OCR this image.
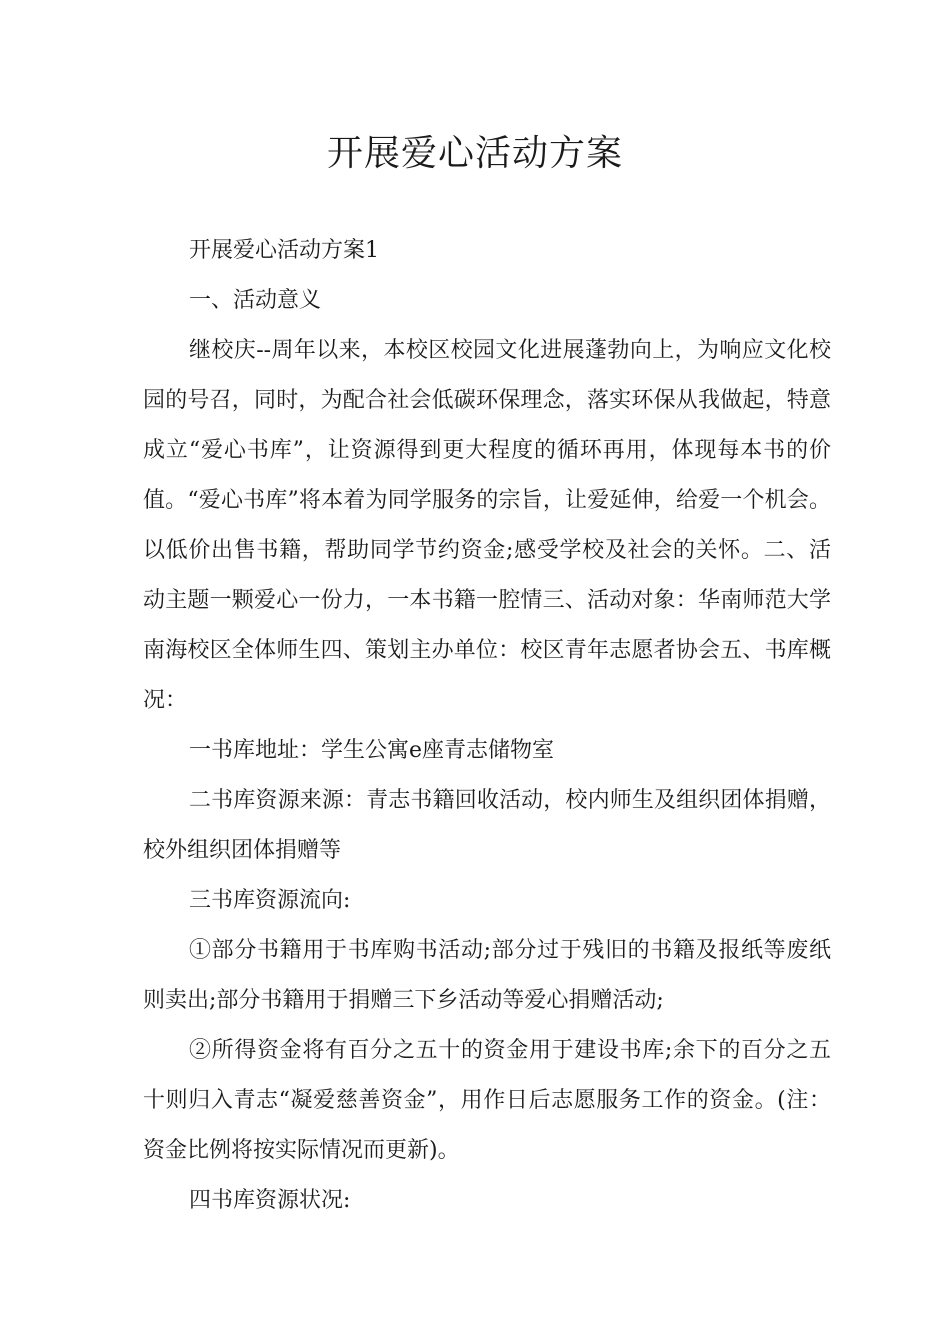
开展爱心活动方案

开展爱心活动方案1

一、活动意义

继校庆--周年以来，本校区校园文化进展蓬勃向上，为响应文化校园的号召，同时，为配合社会低碳环保理念，落实环保从我做起，特意成立“爱心书库”，让资源得到更大程度的循环再用，体现每本书的价值。“爱心书库”将本着为同学服务的宗旨，让爱延伸，给爱一个机会。以低价出售书籍，帮助同学节约资金;感受学校及社会的关怀。二、活动主题一颗爱心一份力，一本书籍一腔情三、活动对象：华南师范大学南海校区全体师生四、策划主办单位：校区青年志愿者协会五、书库概况：

一书库地址：学生公寓e座青志储物室

二书库资源来源：青志书籍回收活动，校内师生及组织团体捐赠，校外组织团体捐赠等

三书库资源流向:

①部分书籍用于书库购书活动;部分过于残旧的书籍及报纸等废纸则卖出;部分书籍用于捐赠三下乡活动等爱心捐赠活动;

②所得资金将有百分之五十的资金用于建设书库;余下的百分之五十则归入青志“凝爱慈善资金”，用作日后志愿服务工作的资金。(注：资金比例将按实际情况而更新)。

四书库资源状况:
